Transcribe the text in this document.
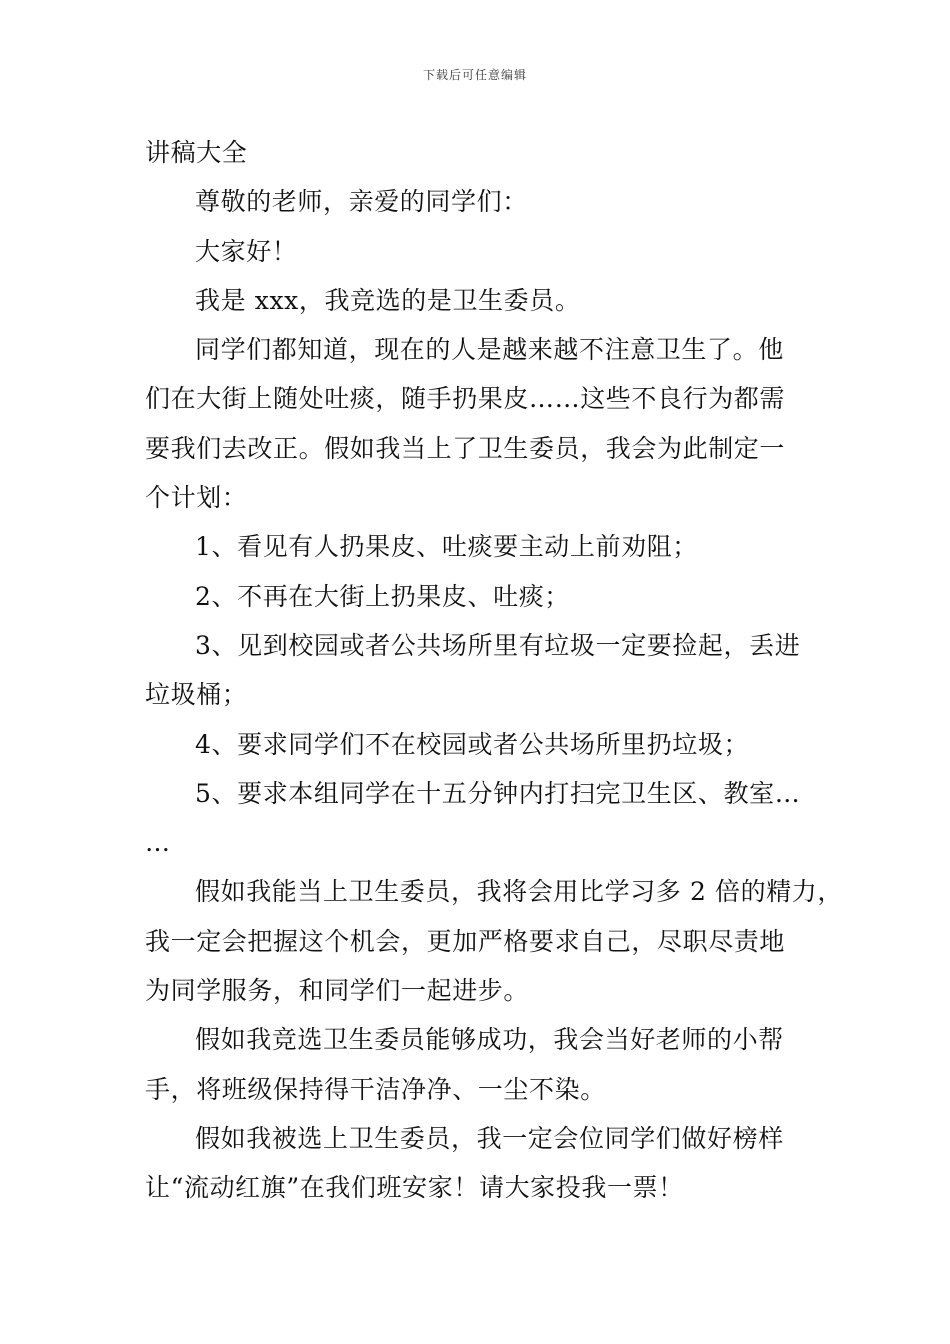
下载后可任意编辑
讲稿大全
尊敬的老师，亲爱的同学们：
大家好！
我是 xxx，我竞选的是卫生委员。
同学们都知道，现在的人是越来越不注意卫生了。他
们在大街上随处吐痰，随手扔果皮……这些不良行为都需
要我们去改正。假如我当上了卫生委员，我会为此制定一
个计划：
1、看见有人扔果皮、吐痰要主动上前劝阻；
2、不再在大街上扔果皮、吐痰；
3、见到校园或者公共场所里有垃圾一定要捡起，丢进
垃圾桶；
4、要求同学们不在校园或者公共场所里扔垃圾；
5、要求本组同学在十五分钟内打扫完卫生区、教室…
…
假如我能当上卫生委员，我将会用比学习多 2 倍的精力，
我一定会把握这个机会，更加严格要求自己，尽职尽责地
为同学服务，和同学们一起进步。
假如我竞选卫生委员能够成功，我会当好老师的小帮
手，将班级保持得干洁净净、一尘不染。
假如我被选上卫生委员，我一定会位同学们做好榜样
让“流动红旗”在我们班安家！请大家投我一票！
